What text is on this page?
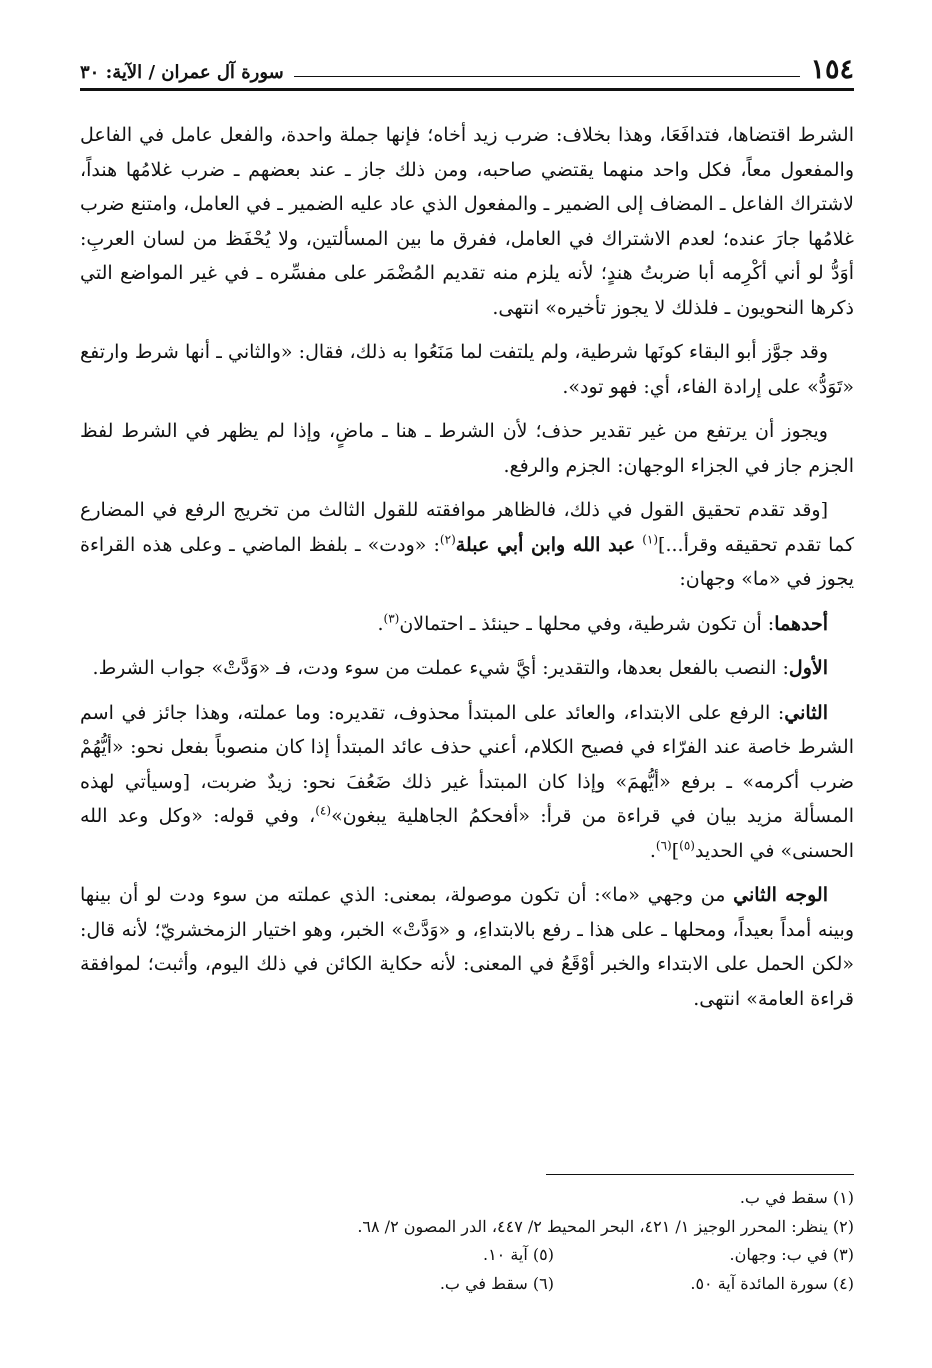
١٥٤
سورة آل عمران / الآية: ٣٠

الشرط اقتضاها، فتدافَعَا، وهذا بخلاف: ضرب زيد أخاه؛ فإنها جملة واحدة، والفعل عامل في الفاعل والمفعول معاً، فكل واحد منهما يقتضي صاحبه، ومن ذلك جاز ـ عند بعضهم ـ ضرب غلامُها هنداً، لاشتراك الفاعل ـ المضاف إلى الضمير ـ والمفعول الذي عاد عليه الضمير ـ في العامل، وامتنع ضرب غلامُها جارَ عنده؛ لعدم الاشتراك في العامل، ففرق ما بين المسألتين، ولا يُحْفَظ من لسان العربِ: أوَدُّ لو أني أكْرِمه أبا ضربتُ هندٍ؛ لأنه يلزم منه تقديم المُضْمَر على مفسِّره ـ في غير المواضع التي ذكرها النحويون ـ فلذلك لا يجوز تأخيره» انتهى.

وقد جوَّز أبو البقاء كونَها شرطية، ولم يلتفت لما مَنَعُوا به ذلك، فقال: «والثاني ـ أنها شرط وارتفع «تَوَدُّ» على إرادة الفاء، أي: فهو تود».

ويجوز أن يرتفع من غير تقدير حذف؛ لأن الشرط ـ هنا ـ ماضٍ، وإذا لم يظهر في الشرط لفظ الجزم جاز في الجزاء الوجهان: الجزم والرفع.

[وقد تقدم تحقيق القول في ذلك، فالظاهر موافقته للقول الثالث من تخريج الرفع في المضارع كما تقدم تحقيقه وقرأ...]$^{(١)}$ عبد الله وابن أبي عبلة$^{(٢)}$: «ودت» ـ بلفظ الماضي ـ وعلى هذه القراءة يجوز في «ما» وجهان:

أحدهما: أن تكون شرطية، وفي محلها ـ حينئذ ـ احتمالان$^{(٣)}$.

الأول: النصب بالفعل بعدها، والتقدير: أيَّ شيء عملت من سوء ودت، فـ «وَدَّتْ» جواب الشرط.

الثاني: الرفع على الابتداء، والعائد على المبتدأ محذوف، تقديره: وما عملته، وهذا جائز في اسم الشرط خاصة عند الفرّاء في فصيح الكلام، أعني حذف عائد المبتدأ إذا كان منصوباً بفعل نحو: «أيُّهُمْ ضرب أكرمه» ـ برفع «أيُّهمَ» وإذا كان المبتدأ غير ذلك ضَعُفَ نحو: زيدٌ ضربت، [وسيأتي لهذه المسألة مزيد بيان في قراءة من قرأ: «أفحكمُ الجاهلية يبغون»$^{(٤)}$، وفي قوله: «وكل وعد الله الحسنى» في الحديد$^{(٥)}$]$^{(٦)}$.

الوجه الثاني من وجهي «ما»: أن تكون موصولة، بمعنى: الذي عملته من سوء ودت لو أن بينها وبينه أمداً بعيداً، ومحلها ـ على هذا ـ رفع بالابتداءِ، و «وَدَّتْ» الخبر، وهو اختيار الزمخشريّ؛ لأنه قال: «لكن الحمل على الابتداء والخبر أوْقَعُ في المعنى: لأنه حكاية الكائن في ذلك اليوم، وأثبت؛ لموافقة قراءة العامة» انتهى.

(١) سقط في ب.
(٢) ينظر: المحرر الوجيز ١/ ٤٢١، البحر المحيط ٢/ ٤٤٧، الدر المصون ٢/ ٦٨.
(٣) في ب: وجهان.
(٥) آية ١٠.
(٤) سورة المائدة آية ٥٠.
(٦) سقط في ب.
